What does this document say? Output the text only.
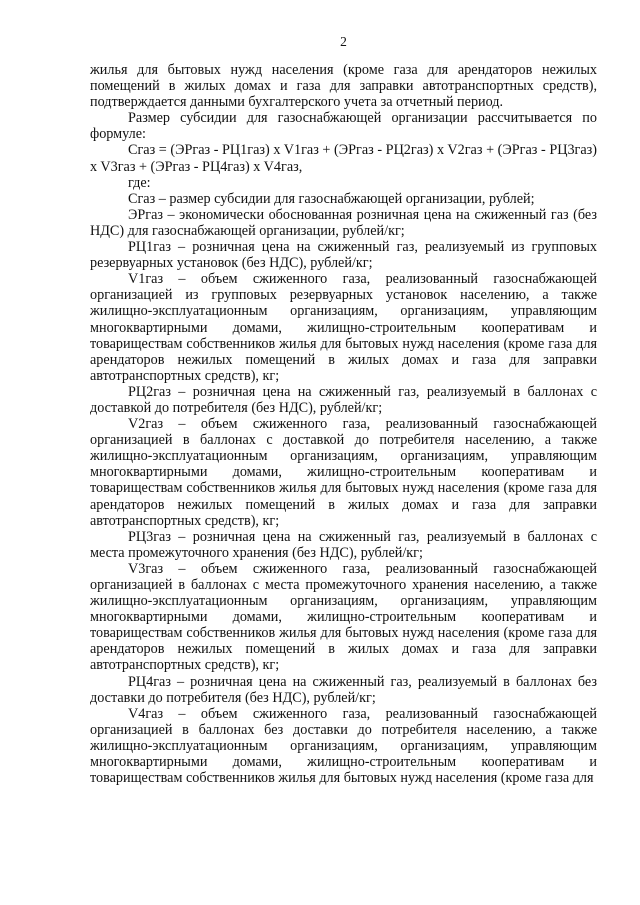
2

жилья для бытовых нужд населения (кроме газа для арендаторов нежилых помещений в жилых домах и газа для заправки автотранспортных средств), подтверждается данными бухгалтерского учета за отчетный период.

Размер субсидии для газоснабжающей организации рассчитывается по формуле:

Сгаз = (ЭРгаз - РЦ1газ) x V1газ + (ЭРгаз - РЦ2газ) x V2газ + (ЭРгаз - РЦ3газ) x V3газ + (ЭРгаз - РЦ4газ) x V4газ,

где:

Сгаз – размер субсидии для газоснабжающей организации, рублей;

ЭРгаз – экономически обоснованная розничная цена на сжиженный газ (без НДС) для газоснабжающей организации, рублей/кг;

РЦ1газ – розничная цена на сжиженный газ, реализуемый из групповых резервуарных установок (без НДС), рублей/кг;

V1газ – объем сжиженного газа, реализованный газоснабжающей организацией из групповых резервуарных установок населению, а также жилищно-эксплуатационным организациям, организациям, управляющим многоквартирными домами, жилищно-строительным кооперативам и товариществам собственников жилья для бытовых нужд населения (кроме газа для арендаторов нежилых помещений в жилых домах и газа для заправки автотранспортных средств), кг;

РЦ2газ – розничная цена на сжиженный газ, реализуемый в баллонах с доставкой до потребителя (без НДС), рублей/кг;

V2газ – объем сжиженного газа, реализованный газоснабжающей организацией в баллонах с доставкой до потребителя населению, а также жилищно-эксплуатационным организациям, организациям, управляющим многоквартирными домами, жилищно-строительным кооперативам и товариществам собственников жилья для бытовых нужд населения (кроме газа для арендаторов нежилых помещений в жилых домах и газа для заправки автотранспортных средств), кг;

РЦ3газ – розничная цена на сжиженный газ, реализуемый в баллонах с места промежуточного хранения (без НДС), рублей/кг;

V3газ – объем сжиженного газа, реализованный газоснабжающей организацией в баллонах с места промежуточного хранения населению, а также жилищно-эксплуатационным организациям, организациям, управляющим многоквартирными домами, жилищно-строительным кооперативам и товариществам собственников жилья для бытовых нужд населения (кроме газа для арендаторов нежилых помещений в жилых домах и газа для заправки автотранспортных средств), кг;

РЦ4газ – розничная цена на сжиженный газ, реализуемый в баллонах без доставки до потребителя (без НДС), рублей/кг;

V4газ – объем сжиженного газа, реализованный газоснабжающей организацией в баллонах без доставки до потребителя населению, а также жилищно-эксплуатационным организациям, организациям, управляющим многоквартирными домами, жилищно-строительным кооперативам и товариществам собственников жилья для бытовых нужд населения (кроме газа для
